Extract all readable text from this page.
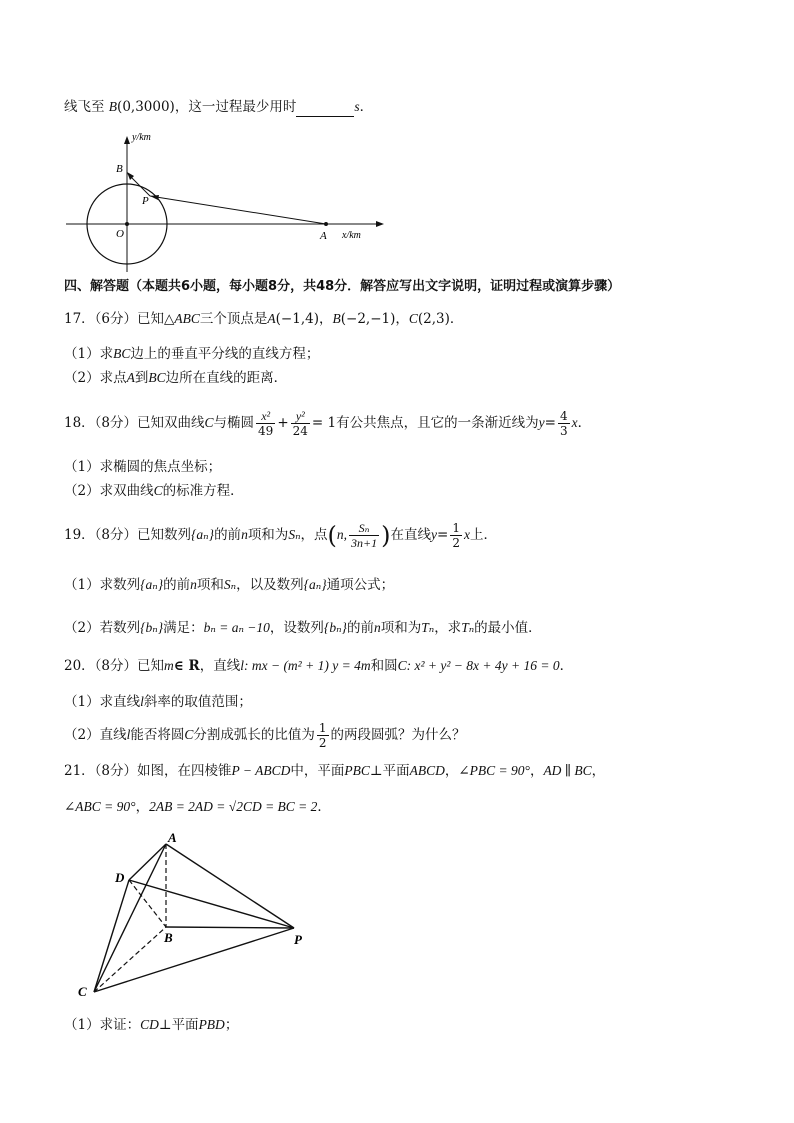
线飞至 B(0,3000)，这一过程最少用时	s．
y/km
x/km
B
P
O	A
四、解答题（本题共6小题，每小题8分，共48分．解答应写出文字说明，证明过程或演算步骤）
17．（6分）已知△ABC三个顶点是A(−1,4)，B(−2,−1)，C(2,3)．
（1）求BC边上的垂直平分线的直线方程；
（2）求点A到BC边所在直线的距离．
18．（8分）已知双曲线C与椭圆 $\frac{\text{x²}}{49} + \frac{\text{y²}}{24} = 1$有公共焦点，且它的一条渐近线为$y= \frac{4}{3}$ x．
（1）求椭圆的焦点坐标；
（2）求双曲线C的标准方程．
19．（8分）已知数列{aₙ}的前n项和为Sₙ，点(n, $\frac{\text{Sₙ}}{3n+1}$ )在直线$y= \frac{1}{2}$ x上．
（1）求数列{aₙ}的前n项和Sₙ，以及数列{aₙ}通项公式；
（2）若数列{bₙ}满足：bₙ = aₙ −10，设数列{bₙ}的前n项和为Tₙ，求Tₙ的最小值．
20．（8分）已知m∈ R，直线l: mx − (m² + 1) y = 4m和圆C: x² + y² − 8x + 4y + 16 = 0．
（1）求直线l斜率的取值范围；
（2）直线l能否将圆C分割成弧长的比值为 $\frac{1}{2}$ 的两段圆弧？为什么？
21．（8分）如图，在四棱锥P − ABCD中，平面PBC⊥平面ABCD，∠PBC = 90°，AD ∥ BC，
∠ABC = 90°，2AB = 2AD = √2CD = BC = 2．
A
D
B	P
C
（1）求证：CD⊥平面PBD；
